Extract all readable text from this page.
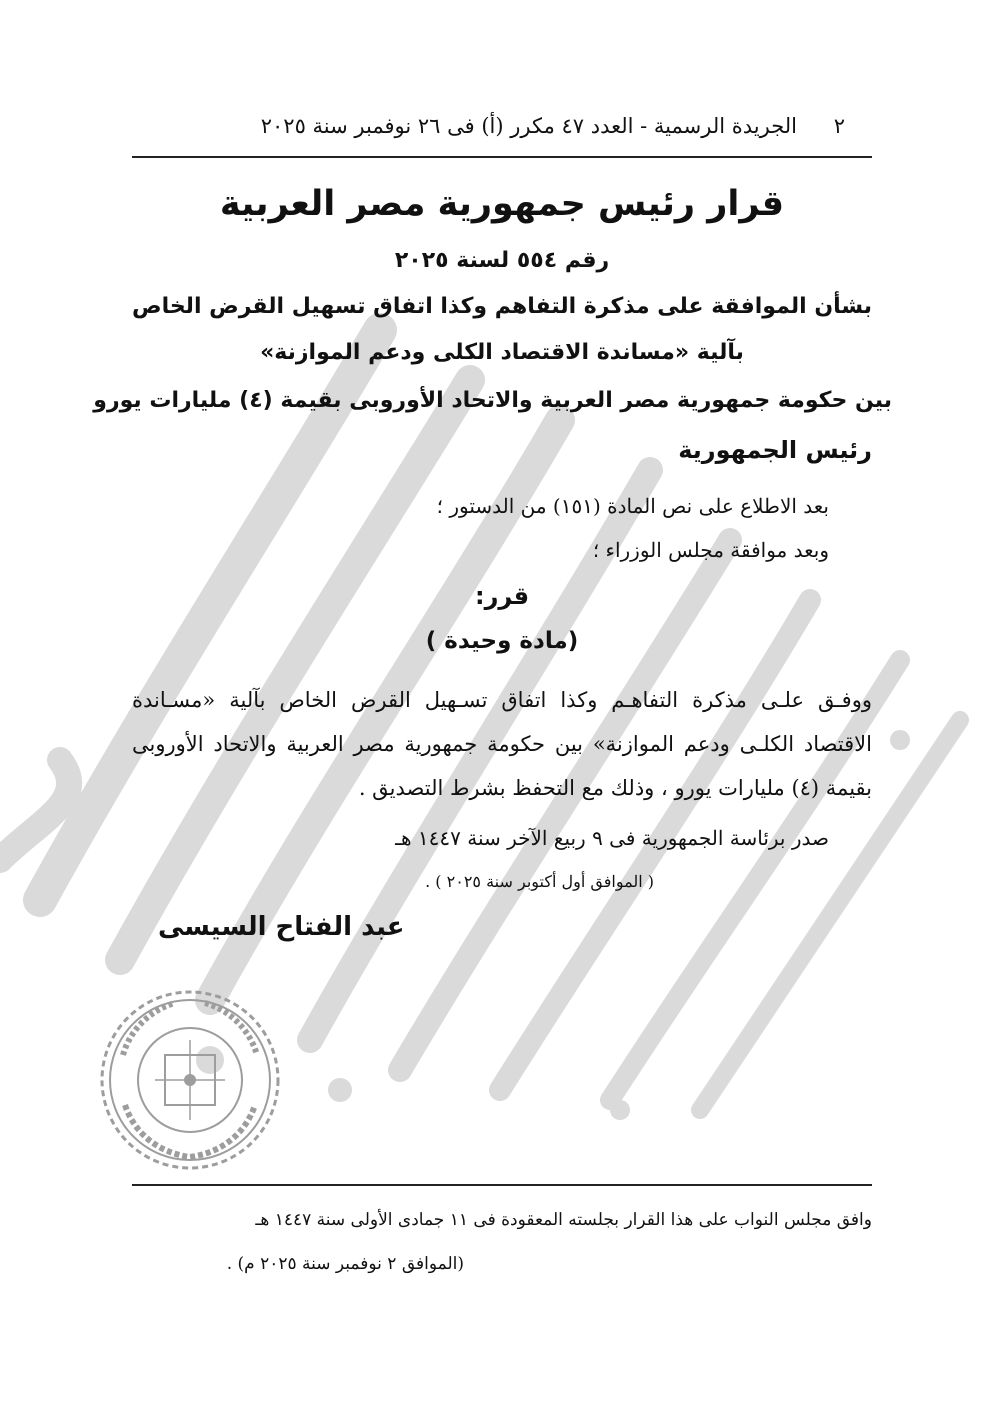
٢
الجريدة الرسمية - العدد ٤٧ مكرر (أ) فى ٢٦ نوفمبر سنة ٢٠٢٥
قرار رئيس جمهورية مصر العربية
رقم ٥٥٤ لسنة ٢٠٢٥
بشأن الموافقة على مذكرة التفاهم وكذا اتفاق تسهيل القرض الخاص
بآلية «مساندة الاقتصاد الكلى ودعم الموازنة»
بين حكومة جمهورية مصر العربية والاتحاد الأوروبى بقيمة (٤) مليارات يورو
رئيس الجمهورية
بعد الاطلاع على نص المادة (١٥١) من الدستور ؛
وبعد موافقة مجلس الوزراء ؛
قرر:
(مادة وحيدة )

ووفـق علـى مذكرة التفاهـم وكذا اتفاق تسـهيل القرض الخاص بآلية «مسـاندة الاقتصاد الكلـى ودعم الموازنة» بين حكومة جمهورية مصر العربية والاتحاد الأوروبى بقيمة (٤) مليارات يورو ، وذلك مع التحفظ بشرط التصديق .

صدر برئاسة الجمهورية فى ٩ ربيع الآخر سنة ١٤٤٧ هـ
( الموافق أول أكتوبر سنة ٢٠٢٥ ) .
عبد الفتاح السيسى
وافق مجلس النواب على هذا القرار بجلسته المعقودة فى ١١ جمادى الأولى سنة ١٤٤٧ هـ
(الموافق ٢ نوفمبر سنة ٢٠٢٥ م) .
